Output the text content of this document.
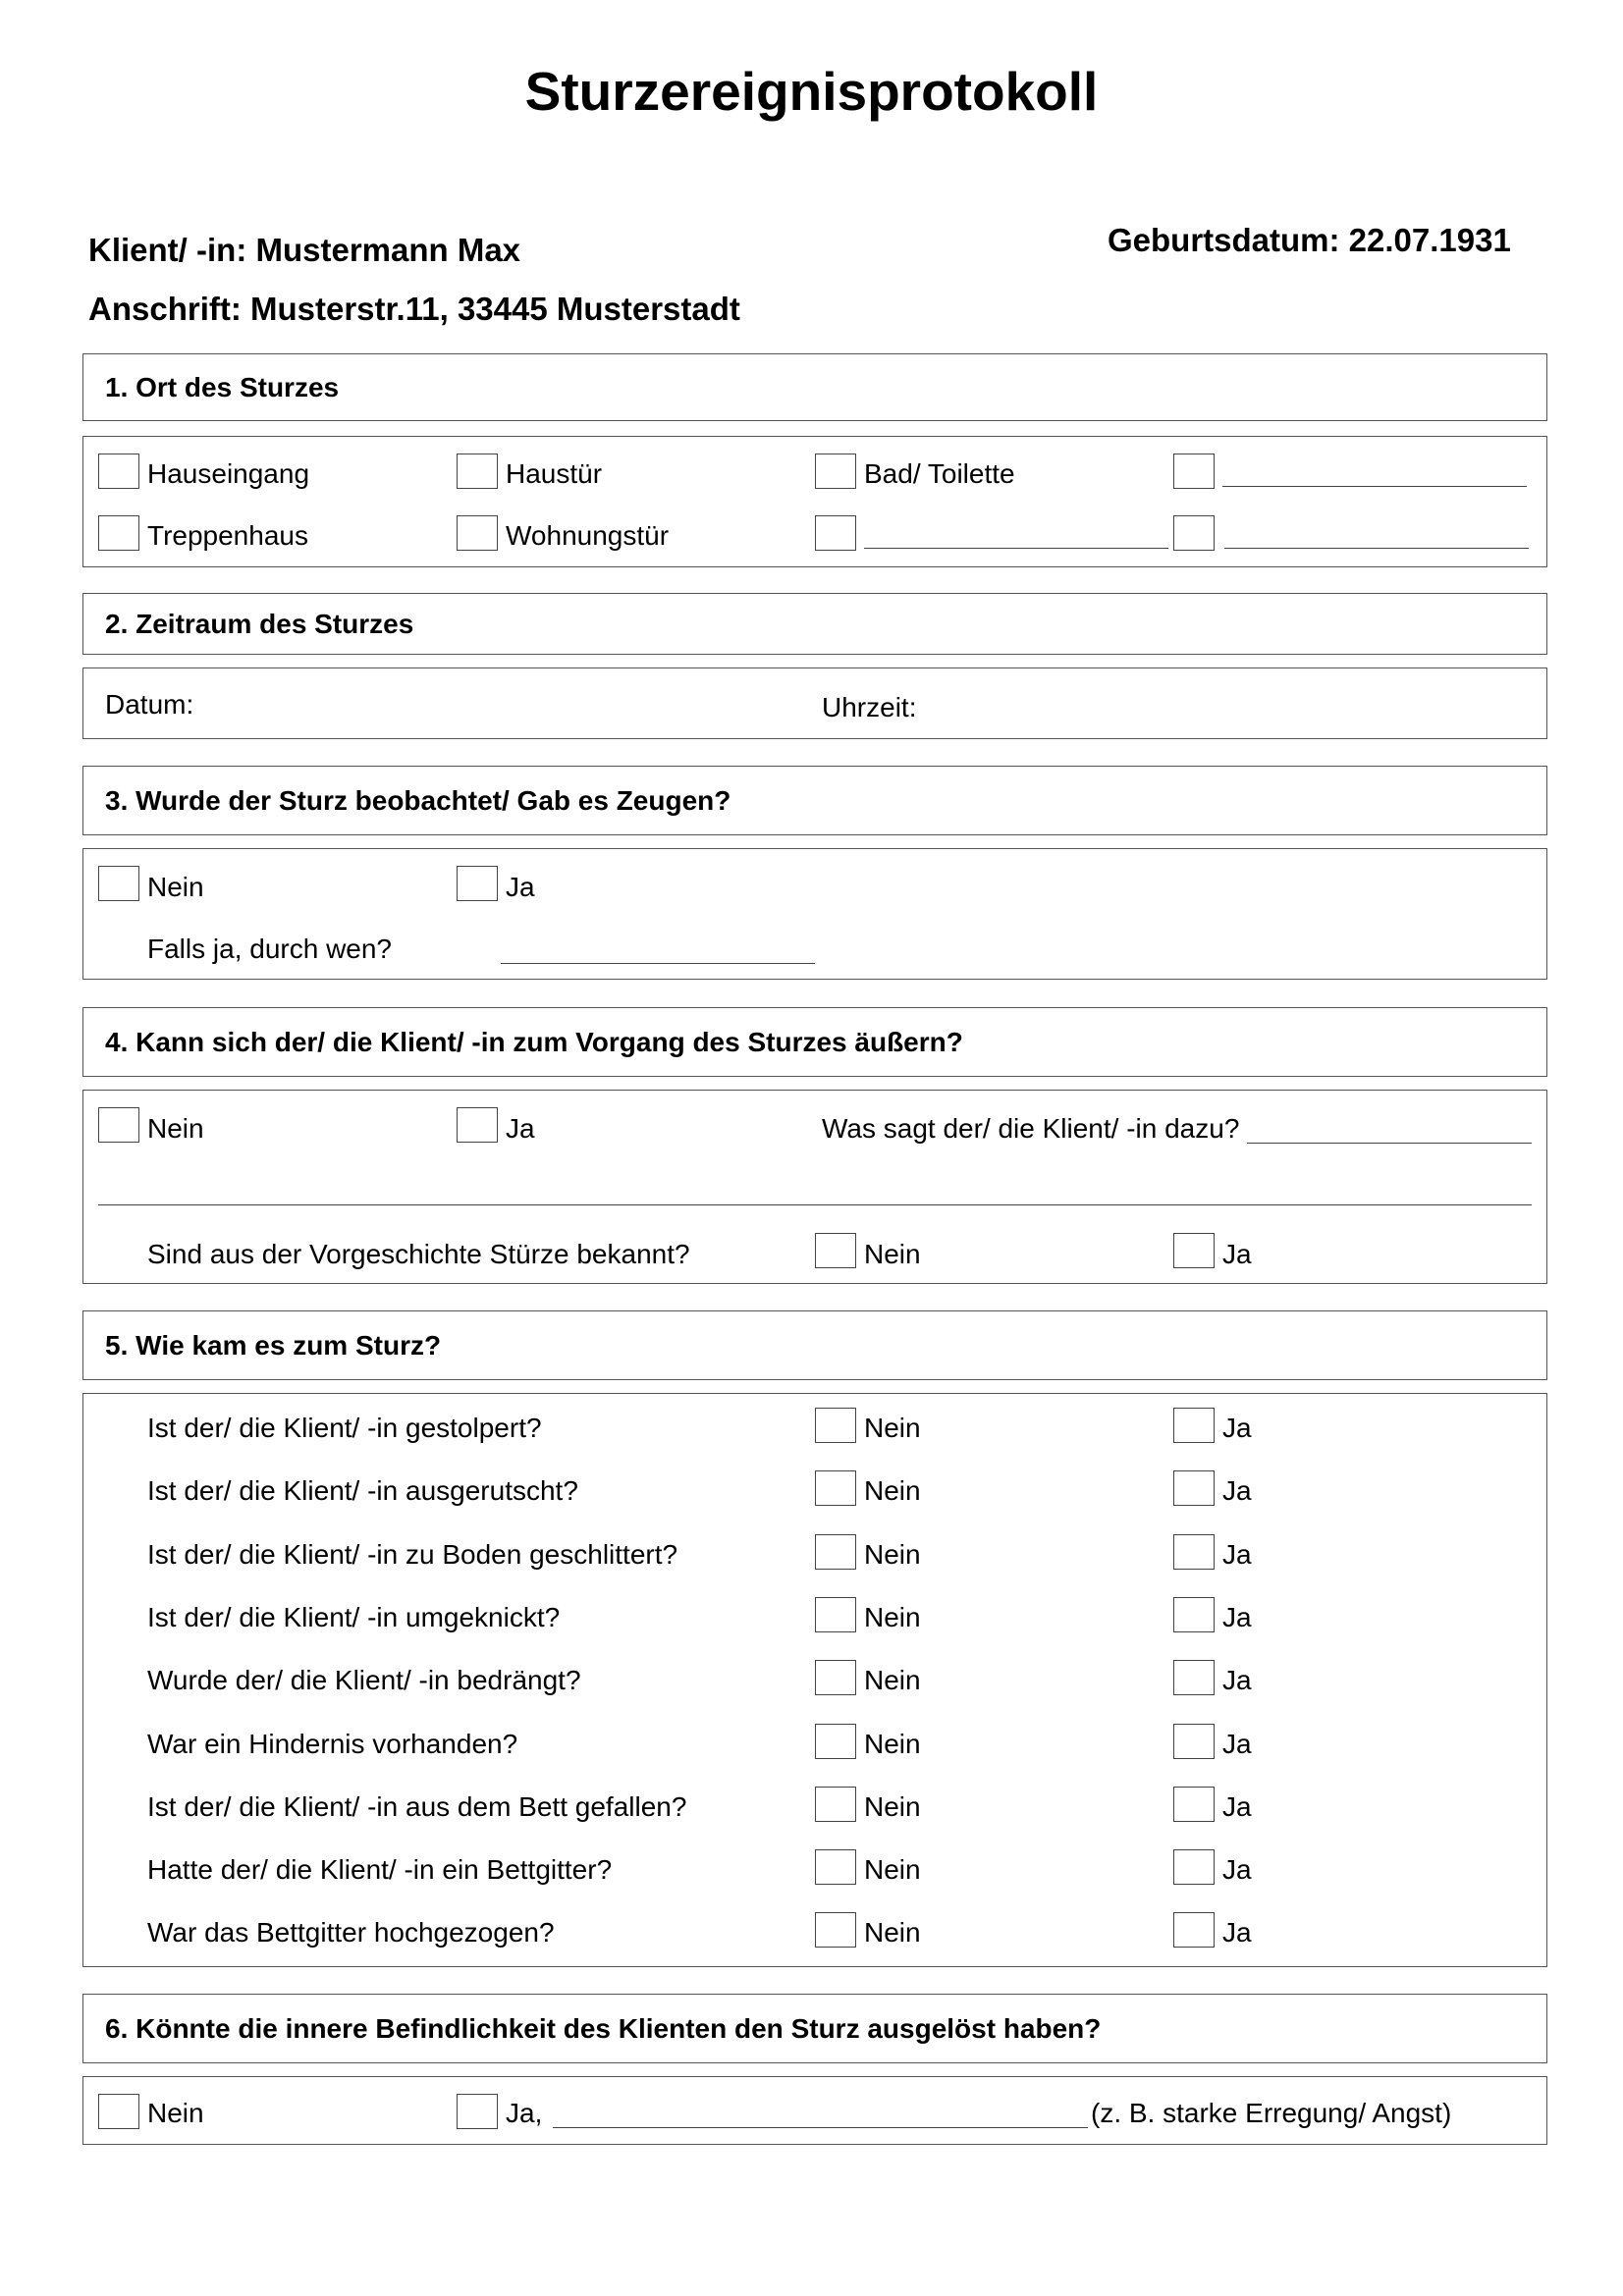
Sturzereignisprotokoll
Klient/ -in: Mustermann Max	Geburtsdatum: 22.07.1931
Anschrift: Musterstr.11, 33445 Musterstadt
1. Ort des Sturzes
Hauseingang	Haustür	Bad/ Toilette
Treppenhaus	Wohnungstür
2. Zeitraum des Sturzes
Datum:	Uhrzeit:
3. Wurde der Sturz beobachtet/ Gab es Zeugen?
Nein	Ja
Falls ja, durch wen?
4. Kann sich der/ die Klient/ -in zum Vorgang des Sturzes äußern?
Nein	Ja	Was sagt der/ die Klient/ -in dazu?
Sind aus der Vorgeschichte Stürze bekannt?	Nein	Ja
5. Wie kam es zum Sturz?
Ist der/ die Klient/ -in gestolpert?	Nein	Ja
Ist der/ die Klient/ -in ausgerutscht?	Nein	Ja
Ist der/ die Klient/ -in zu Boden geschlittert?	Nein	Ja
Ist der/ die Klient/ -in umgeknickt?	Nein	Ja
Wurde der/ die Klient/ -in bedrängt?	Nein	Ja
War ein Hindernis vorhanden?	Nein	Ja
Ist der/ die Klient/ -in aus dem Bett gefallen?	Nein	Ja
Hatte der/ die Klient/ -in ein Bettgitter?	Nein	Ja
War das Bettgitter hochgezogen?	Nein	Ja
6. Könnte die innere Befindlichkeit des Klienten den Sturz ausgelöst haben?
Nein	Ja,	(z. B. starke Erregung/ Angst)
